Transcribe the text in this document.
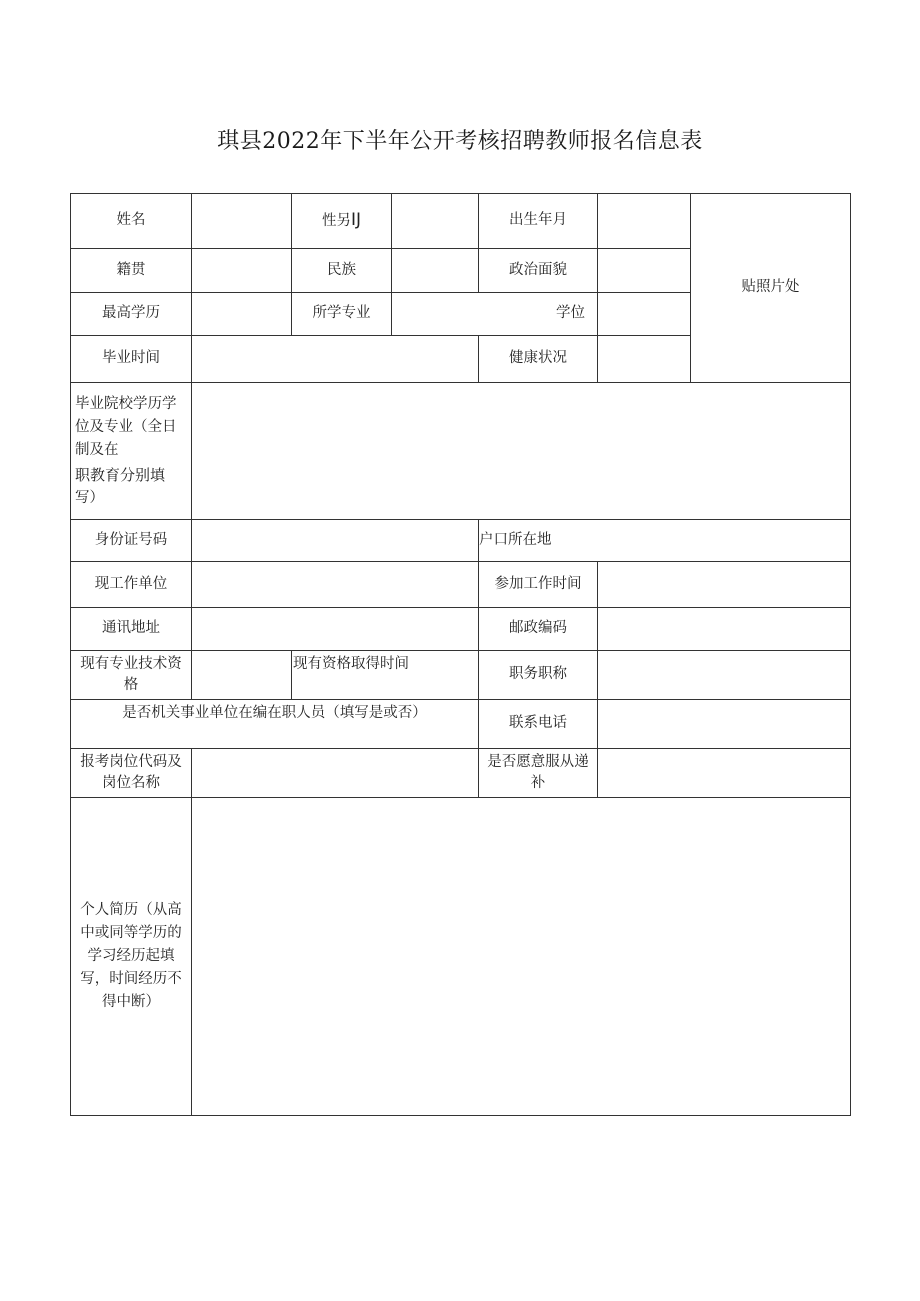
琪县2022年下半年公开考核招聘教师报名信息表
姓名		性另IJ		出生年月		贴照片处
籍贯		民族		政治面貌		
最高学历		所学专业	学位			
毕业时间				健康状况		

毕业院校学历学
位及专业（全日
制及在
职教育分别填
写）						

身份证号码				户口所在地		
现工作单位				参加工作时间		
通讯地址				邮政编码		

现有专业技术资
格		现有资格取得时间		职务职称		
是否机关事业单位在编在职人员（填写是或否）				联系电话		

报考岗位代码及
岗位名称				是否愿意服从递
补		

个人简历（从高
中或同等学历的
学习经历起填
写，时间经历不
得中断）						
